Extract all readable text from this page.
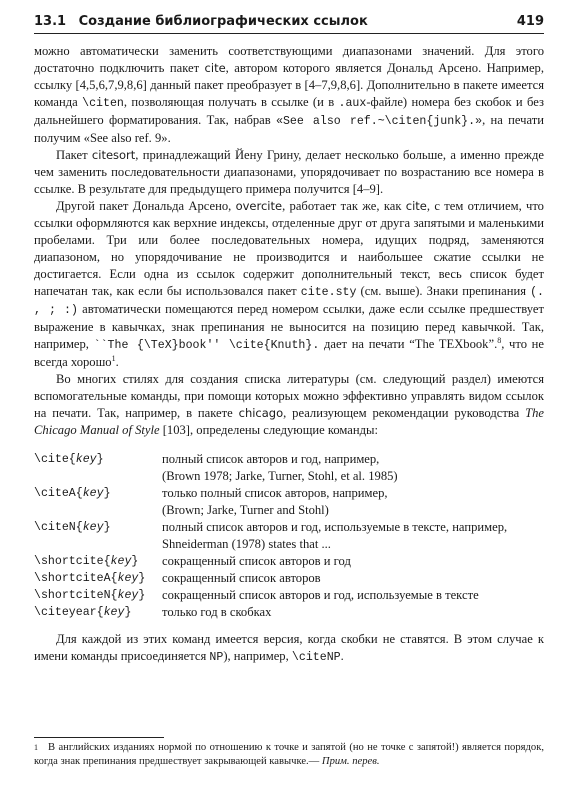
13.1 Создание библиографических ссылок	419

можно автоматически заменить соответствующими диапазонами значений. Для этого достаточно подключить пакет cite, автором которого является Дональд Арсено. Например, ссылку [4,5,6,7,9,8,6] данный пакет преобразует в [4–7,9,8,6]. Дополнительно в пакете имеется команда \citen, позволяющая получать в ссылке (и в .aux-файле) номера без скобок и без дальнейшего форматирования. Так, набрав «See also ref.~\citen{junk}.», на печати получим «See also ref. 9».

Пакет citesort, принадлежащий Йену Грину, делает несколько больше, а именно прежде чем заменить последовательности диапазонами, упорядочивает по возрастанию все номера в ссылке. В результате для предыдущего примера получится [4–9].

Другой пакет Дональда Арсено, overcite, работает так же, как cite, с тем отличием, что ссылки оформляются как верхние индексы, отделенные друг от друга запятыми и маленькими пробелами. Три или более последовательных номера, идущих подряд, заменяются диапазоном, но упорядочивание не производится и наибольшее сжатие ссылки не достигается. Если одна из ссылок содержит дополнительный текст, весь список будет напечатан так, как если бы использовался пакет cite.sty (см. выше). Знаки препинания (. , ; :) автоматически помещаются перед номером ссылки, даже если ссылке предшествует выражение в кавычках, знак препинания не выносится на позицию перед кавычкой. Так, например, ``The {\TeX}book'' \cite{Knuth}. дает на печати “The TEXbook”.$^8$, что не всегда хорошо$^1$.

Во многих стилях для создания списка литературы (см. следующий раздел) имеются вспомогательные команды, при помощи которых можно эффективно управлять видом ссылок на печати. Так, например, в пакете chicago, реализующем рекомендации руководства The Chicago Manual of Style [103], определены следующие команды:

\cite{key}	полный список авторов и год, например,
(Brown 1978; Jarke, Turner, Stohl, et al. 1985)

\citeA{key}	только полный список авторов, например,
(Brown; Jarke, Turner and Stohl)

\citeN{key}	полный список авторов и год, используемые в тексте, например,
Shneiderman (1978) states that ...

\shortcite{key}	сокращенный список авторов и год

\shortciteA{key}	сокращенный список авторов

\shortciteN{key}	сокращенный список авторов и год, используемые в тексте

\citeyear{key}	только год в скобках

Для каждой из этих команд имеется версия, когда скобки не ставятся. В этом случае к имени команды присоединяется NP), например, \citeNP.

$^1$ В английских изданиях нормой по отношению к точке и запятой (но не точке с запятой!) является порядок, когда знак препинания предшествует закрывающей кавычке.— Прим. перев.
